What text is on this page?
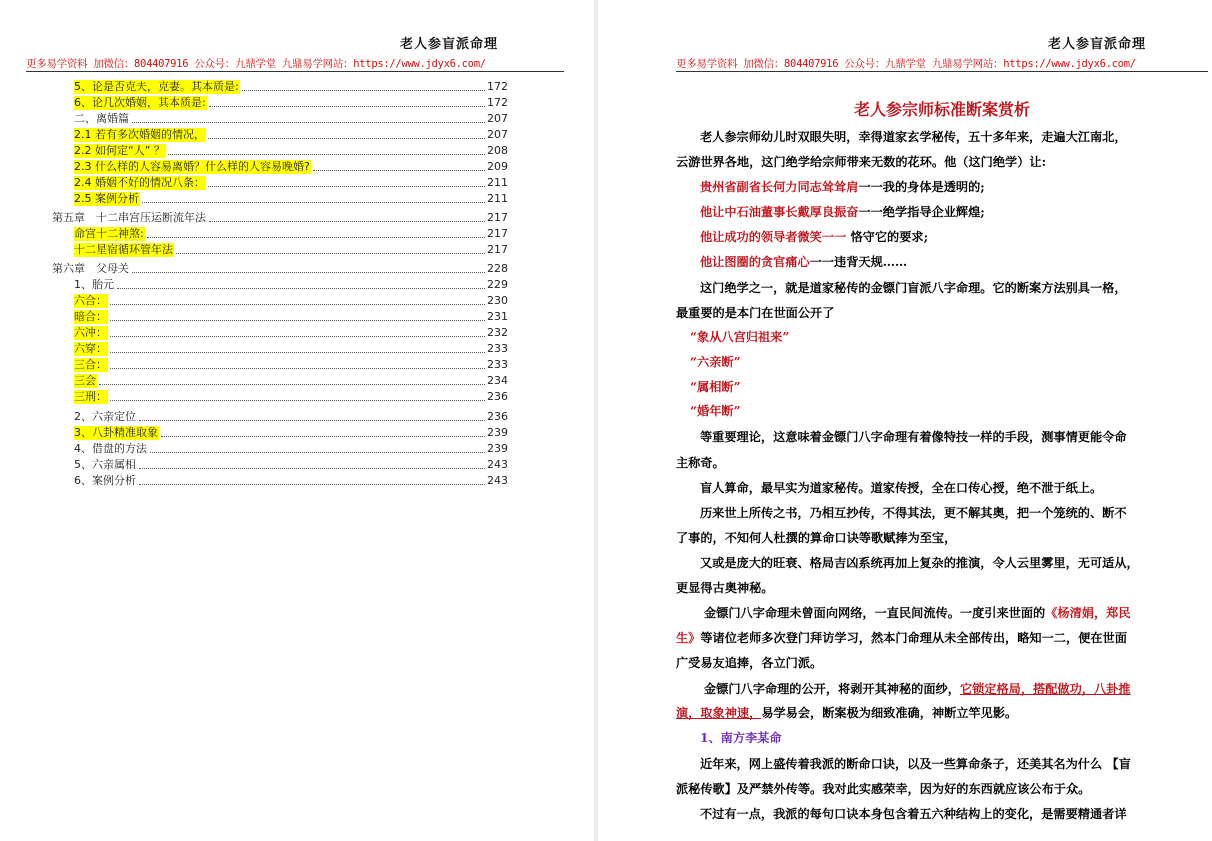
老人参盲派命理
更多易学资料 加微信：804407916 公众号：九鼎学堂 九鼎易学网站：https://www.jdyx6.com/
5、论是否克夫，克妻。其本质是:	172
6、论几次婚姻，其本质是:	172
二、离婚篇	207
2.1 若有多次婚姻的情况，	207
2.2 如何定“人” ？	208
2.3 什么样的人容易离婚？什么样的人容易晚婚?	209
2.4 婚姻不好的情况八条：	211
2.5 案例分析	211
第五章　十二串宫压运断流年法	217
命宫十二神煞:	217
十二星宿循环管年法	217
第六章　父母关	228
1、胎元	229
六合：	230
暗合：	231
六冲：	232
六穿：	233
三合：	233
三会	234
三刑：	236
2、六亲定位	236
3、八卦精准取象	239
4、借盘的方法	239
5、六亲属相	243
6、案例分析	243
老人参盲派命理
更多易学资料 加微信：804407916 公众号：九鼎学堂 九鼎易学网站：https://www.jdyx6.com/
老人参宗师标准断案赏析
老人参宗师幼儿时双眼失明，幸得道家玄学秘传，五十多年来，走遍大江南北，
云游世界各地，这门绝学给宗师带来无数的花环。他（这门绝学）让:
贵州省副省长何力同志耸耸肩一一我的身体是透明的;
他让中石油董事长戴厚良振奋一一绝学指导企业辉煌;
他让成功的领导者微笑一一 恪守它的要求;
他让图圈的贪官痛心一一违背天规……
这门绝学之一，就是道家秘传的金镖门盲派八字命理。它的断案方法别具一格，
最重要的是本门在世面公开了
“象从八宫归祖来”
“六亲断”
“属相断”
“婚年断”
等重要理论，这意味着金镖门八字命理有着像特技一样的手段，测事情更能令命
主称奇。
盲人算命，最早实为道家秘传。道家传授，全在口传心授，绝不泄于纸上。
历来世上所传之书，乃相互抄传，不得其法，更不解其奥，把一个笼统的、断不
了事的，不知何人杜撰的算命口诀等歌赋捧为至宝，
又或是庞大的旺衰、格局吉凶系统再加上复杂的推演，令人云里雾里，无可适从，
更显得古奥神秘。
金镖门八字命理未曾面向网络，一直民间流传。一度引来世面的《杨清娟，郑民
生》等诸位老师多次登门拜访学习，然本门命理从未全部传出，略知一二，便在世面
广受易友追捧，各立门派。
金镖门八字命理的公开，将剥开其神秘的面纱，它锁定格局，搭配做功，八卦推
演，取象神速，易学易会，断案极为细致准确，神断立竿见影。
1、南方李某命
近年来，网上盛传着我派的断命口诀，以及一些算命条子，还美其名为什么 【盲
派秘传歌】及严禁外传等。我对此实感荣幸，因为好的东西就应该公布于众。
不过有一点，我派的每句口诀本身包含着五六种结构上的变化，是需要精通者详
